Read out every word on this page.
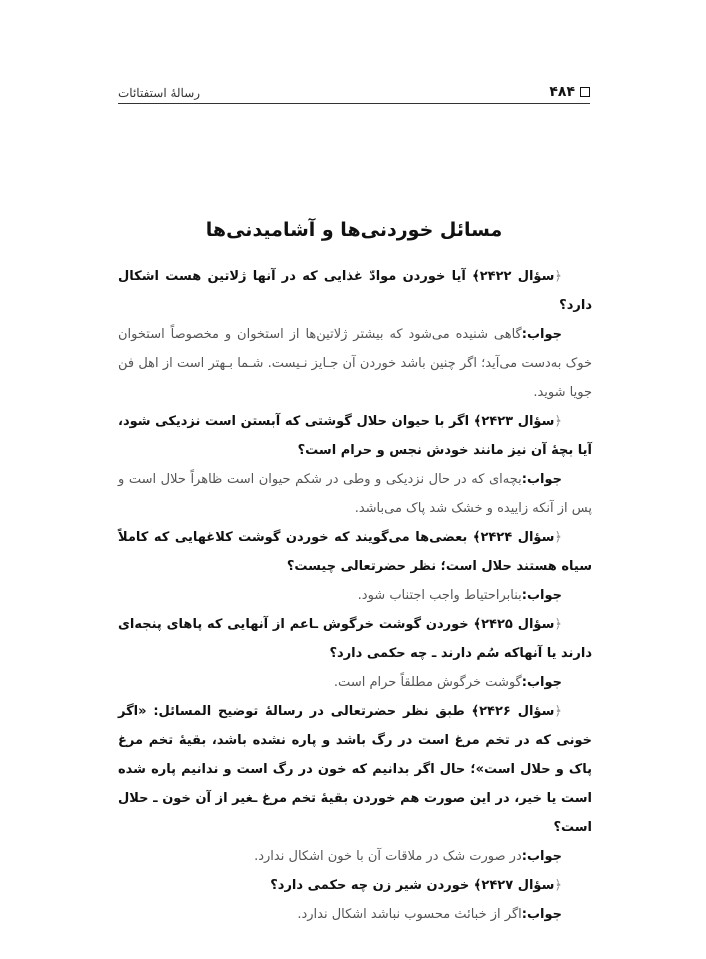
۴۸۴
رسالهٔ استفتائات
مسائل خوردنی‌ها و آشامیدنی‌ها

﴿سؤال ۲۴۲۲﴾ آیا خوردن موادّ غذایی که در آنها ژلاتین هست اشکال دارد؟

جواب:گاهی شنیده می‌شود که بیشتر ژلاتین‌ها از استخوان و مخصوصاً استخوان خوک به‌دست می‌آید؛ اگر چنین باشد خوردن آن جـایز نـیست. شـما بـهتر است از اهل فن جویا شوید.

﴿سؤال ۲۴۲۳﴾ اگر با حیوان حلال گوشتی که آبستن است نزدیکی شود، آیا بچهٔ آن نیز مانند خودش نجس و حرام است؟

جواب:بچه‌ای که در حال نزدیکی و وطی در شکم حیوان است ظاهراً حلال است و پس از آنکه زاییده و خشک شد پاک می‌باشد.

﴿سؤال ۲۴۲۴﴾ بعضی‌ها می‌گویند که خوردن گوشت کلاغهایی که کاملاً سیاه هستند حلال است؛ نظر حضرتعالی چیست؟

جواب:بنابراحتیاط واجب اجتناب شود.

﴿سؤال ۲۴۲۵﴾ خوردن گوشت خرگوش ـاعم از آنهایی که پاهای پنجه‌ای دارند یا آنهاکه سُم دارند ـ چه حکمی دارد؟

جواب:گوشت خرگوش مطلقاً حرام است.

﴿سؤال ۲۴۲۶﴾ طبق نظر حضرتعالی در رسالهٔ توضیح المسائل: «اگر خونی که در تخم مرغ است در رگ باشد و پاره نشده باشد، بقیهٔ تخم مرغ پاک و حلال است»؛ حال اگر بدانیم که خون در رگ است و ندانیم پاره شده است یا خیر، در این صورت هم خوردن بقیهٔ تخم مرغ ـغیر از آن خون ـ حلال است؟

جواب:در صورت شک در ملاقات آن با خون اشکال ندارد.

﴿سؤال ۲۴۲۷﴾ خوردن شیر زن چه حکمی دارد؟

جواب:اگر از خبائث محسوب نباشد اشکال ندارد.
